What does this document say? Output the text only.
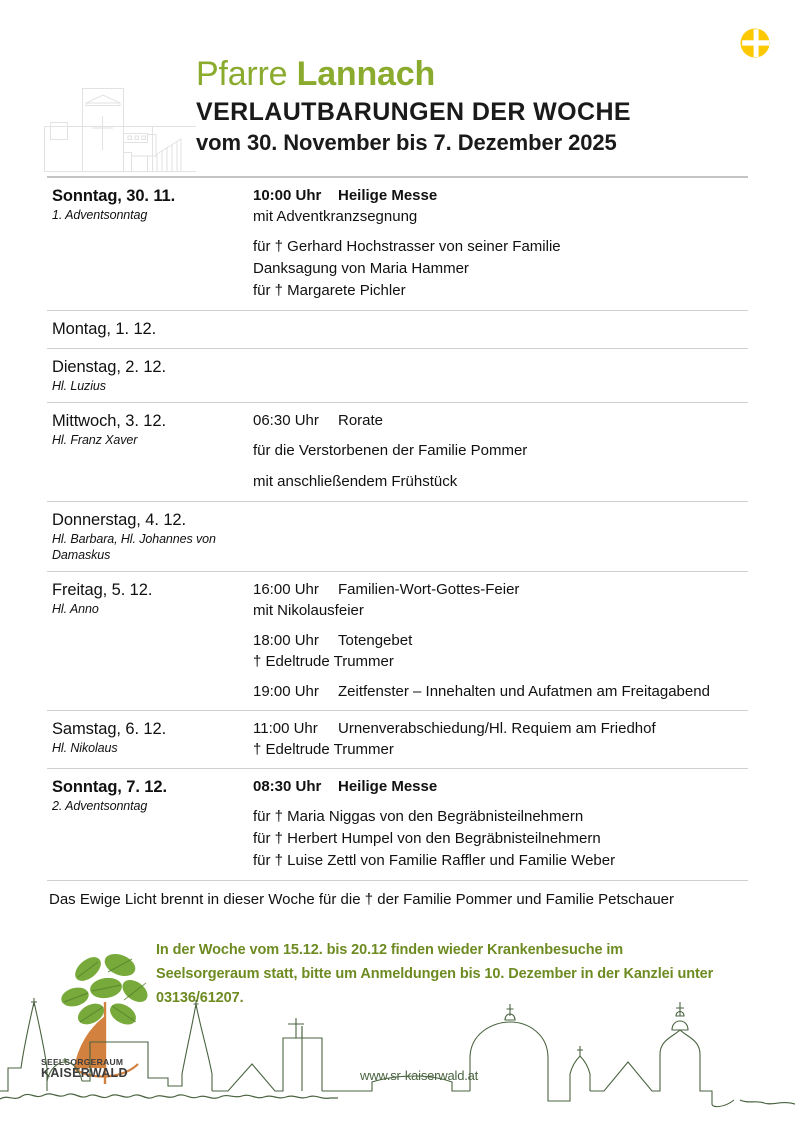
Pfarre Lannach
VERLAUTBARUNGEN DER WOCHE
vom 30. November bis 7. Dezember 2025
Sonntag, 30. 11.
1. Adventsonntag
10:00 Uhr	Heilige Messe
mit Adventkranzsegnung
für † Gerhard Hochstrasser von seiner Familie
Danksagung von Maria Hammer
für † Margarete Pichler
Montag, 1. 12.
Dienstag, 2. 12.
Hl. Luzius
Mittwoch, 3. 12.
Hl. Franz Xaver
06:30 Uhr	Rorate
für die Verstorbenen der Familie Pommer
mit anschließendem Frühstück
Donnerstag, 4. 12.
Hl. Barbara, Hl. Johannes von Damaskus
Freitag, 5. 12.
Hl. Anno
16:00 Uhr	Familien-Wort-Gottes-Feier
mit Nikolausfeier
18:00 Uhr	Totengebet
† Edeltrude Trummer
19:00 Uhr	Zeitfenster – Innehalten und Aufatmen am Freitagabend
Samstag, 6. 12.
Hl. Nikolaus
11:00 Uhr	Urnenverabschiedung/Hl. Requiem am Friedhof
† Edeltrude Trummer
Sonntag, 7. 12.
2. Adventsonntag
08:30 Uhr	Heilige Messe
für † Maria Niggas von den Begräbnisteilnehmern
für † Herbert Humpel von den Begräbnisteilnehmern
für † Luise Zettl von Familie Raffler und Familie Weber
Das Ewige Licht brennt in dieser Woche für die † der Familie Pommer und Familie Petschauer
In der Woche vom 15.12. bis 20.12 finden wieder Krankenbesuche im Seelsorgeraum statt, bitte um Anmeldungen bis 10. Dezember in der Kanzlei unter 03136/61207.
SEELSORGERAUM
KAISERWALD	www.sr-kaiserwald.at
